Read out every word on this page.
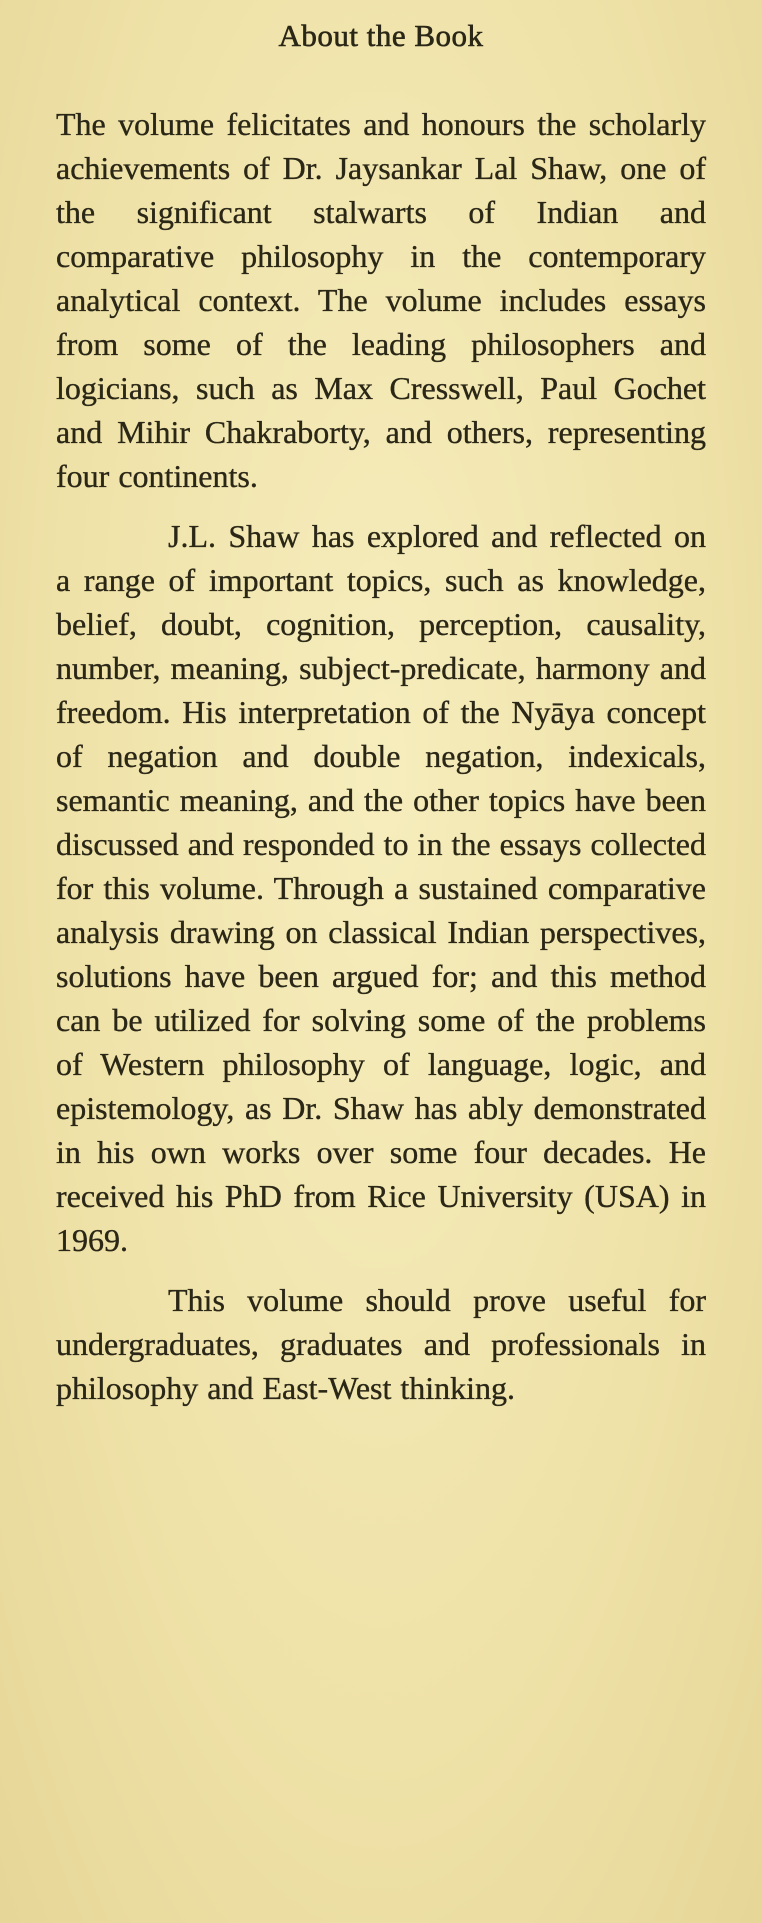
About the Book

The volume felicitates and honours the scholarly achievements of Dr. Jaysankar Lal Shaw, one of the significant stalwarts of Indian and comparative philosophy in the contemporary analytical context. The volume includes essays from some of the leading philosophers and logicians, such as Max Cresswell, Paul Gochet and Mihir Chakraborty, and others, representing four continents.

J.L. Shaw has explored and reflected on a range of important topics, such as knowledge, belief, doubt, cognition, perception, causality, number, meaning, subject-predicate, harmony and freedom. His interpretation of the Nyāya concept of negation and double negation, indexicals, semantic meaning, and the other topics have been discussed and responded to in the essays collected for this volume. Through a sustained comparative analysis drawing on classical Indian perspectives, solutions have been argued for; and this method can be utilized for solving some of the problems of Western philosophy of language, logic, and epistemology, as Dr. Shaw has ably demonstrated in his own works over some four decades. He received his PhD from Rice University (USA) in 1969.

This volume should prove useful for undergraduates, graduates and professionals in philosophy and East-West thinking.
